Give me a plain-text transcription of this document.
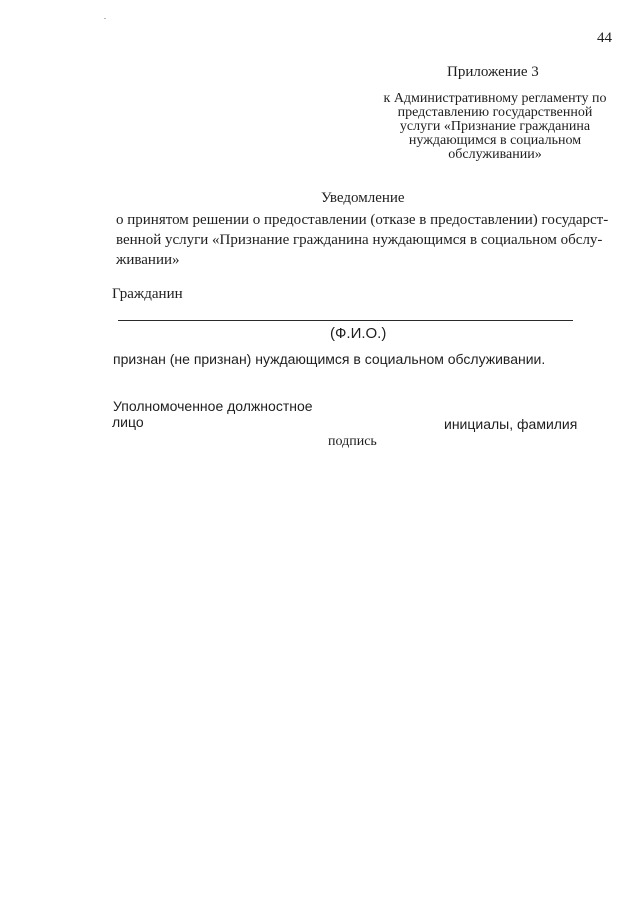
44
Приложение 3
к Административному регламенту по
представлению государственной
услуги «Признание гражданина
нуждающимся в социальном
обслуживании»
Уведомление
о принятом решении о предоставлении (отказе в предоставлении) государст-
венной услуги «Признание гражданина нуждающимся в социальном обслу-
живании»
Гражданин
(Ф.И.О.)
признан (не признан) нуждающимся в социальном обслуживании.
Уполномоченное должностное
лицо	инициалы, фамилия
подпись
